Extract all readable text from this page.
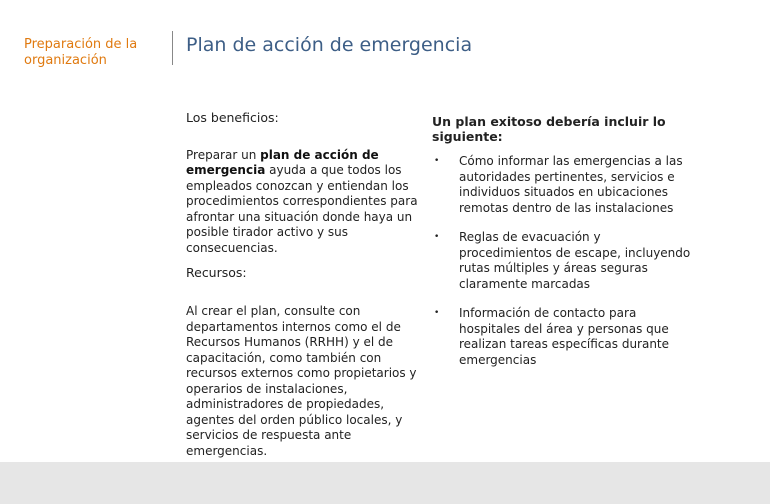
Preparación de la organización
Plan de acción de emergencia
Los beneficios:

Preparar un plan de acción de emergencia ayuda a que todos los empleados conozcan y entiendan los procedimientos correspondientes para afrontar una situación donde haya un posible tirador activo y sus consecuencias.

Recursos:
Al crear el plan, consulte con departamentos internos como el de Recursos Humanos (RRHH) y el de capacitación, como también con recursos externos como propietarios y operarios de instalaciones, administradores de propiedades, agentes del orden público locales, y servicios de respuesta ante emergencias.
Un plan exitoso debería incluir lo siguiente:
• Cómo informar las emergencias a las autoridades pertinentes, servicios e individuos situados en ubicaciones remotas dentro de las instalaciones
• Reglas de evacuación y procedimientos de escape, incluyendo rutas múltiples y áreas seguras claramente marcadas
• Información de contacto para hospitales del área y personas que realizan tareas específicas durante emergencias
